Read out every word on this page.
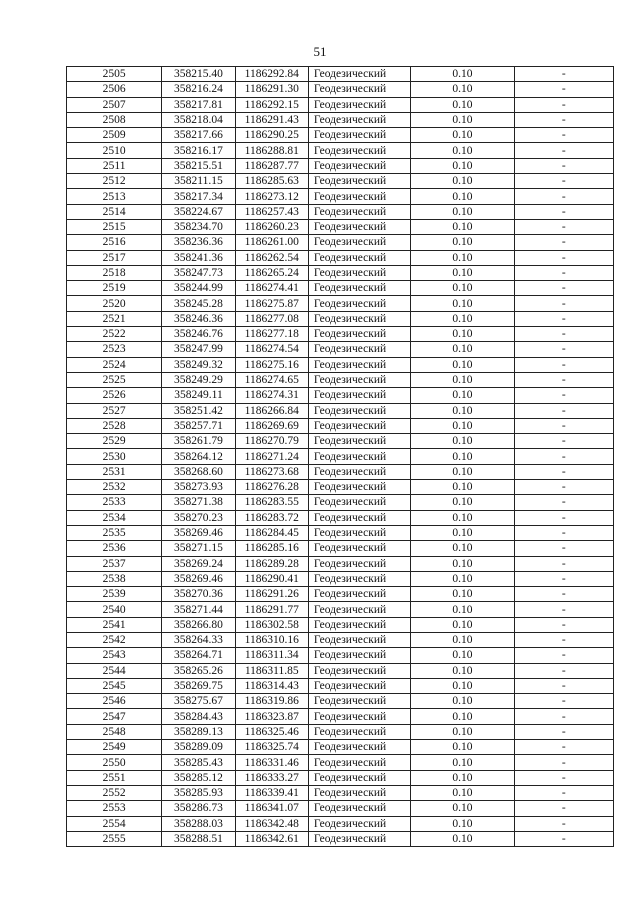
51
2505	358215.40	1186292.84	Геодезический	0.10	-
2506	358216.24	1186291.30	Геодезический	0.10	-
2507	358217.81	1186292.15	Геодезический	0.10	-
2508	358218.04	1186291.43	Геодезический	0.10	-
2509	358217.66	1186290.25	Геодезический	0.10	-
2510	358216.17	1186288.81	Геодезический	0.10	-
2511	358215.51	1186287.77	Геодезический	0.10	-
2512	358211.15	1186285.63	Геодезический	0.10	-
2513	358217.34	1186273.12	Геодезический	0.10	-
2514	358224.67	1186257.43	Геодезический	0.10	-
2515	358234.70	1186260.23	Геодезический	0.10	-
2516	358236.36	1186261.00	Геодезический	0.10	-
2517	358241.36	1186262.54	Геодезический	0.10	-
2518	358247.73	1186265.24	Геодезический	0.10	-
2519	358244.99	1186274.41	Геодезический	0.10	-
2520	358245.28	1186275.87	Геодезический	0.10	-
2521	358246.36	1186277.08	Геодезический	0.10	-
2522	358246.76	1186277.18	Геодезический	0.10	-
2523	358247.99	1186274.54	Геодезический	0.10	-
2524	358249.32	1186275.16	Геодезический	0.10	-
2525	358249.29	1186274.65	Геодезический	0.10	-
2526	358249.11	1186274.31	Геодезический	0.10	-
2527	358251.42	1186266.84	Геодезический	0.10	-
2528	358257.71	1186269.69	Геодезический	0.10	-
2529	358261.79	1186270.79	Геодезический	0.10	-
2530	358264.12	1186271.24	Геодезический	0.10	-
2531	358268.60	1186273.68	Геодезический	0.10	-
2532	358273.93	1186276.28	Геодезический	0.10	-
2533	358271.38	1186283.55	Геодезический	0.10	-
2534	358270.23	1186283.72	Геодезический	0.10	-
2535	358269.46	1186284.45	Геодезический	0.10	-
2536	358271.15	1186285.16	Геодезический	0.10	-
2537	358269.24	1186289.28	Геодезический	0.10	-
2538	358269.46	1186290.41	Геодезический	0.10	-
2539	358270.36	1186291.26	Геодезический	0.10	-
2540	358271.44	1186291.77	Геодезический	0.10	-
2541	358266.80	1186302.58	Геодезический	0.10	-
2542	358264.33	1186310.16	Геодезический	0.10	-
2543	358264.71	1186311.34	Геодезический	0.10	-
2544	358265.26	1186311.85	Геодезический	0.10	-
2545	358269.75	1186314.43	Геодезический	0.10	-
2546	358275.67	1186319.86	Геодезический	0.10	-
2547	358284.43	1186323.87	Геодезический	0.10	-
2548	358289.13	1186325.46	Геодезический	0.10	-
2549	358289.09	1186325.74	Геодезический	0.10	-
2550	358285.43	1186331.46	Геодезический	0.10	-
2551	358285.12	1186333.27	Геодезический	0.10	-
2552	358285.93	1186339.41	Геодезический	0.10	-
2553	358286.73	1186341.07	Геодезический	0.10	-
2554	358288.03	1186342.48	Геодезический	0.10	-
2555	358288.51	1186342.61	Геодезический	0.10	-
